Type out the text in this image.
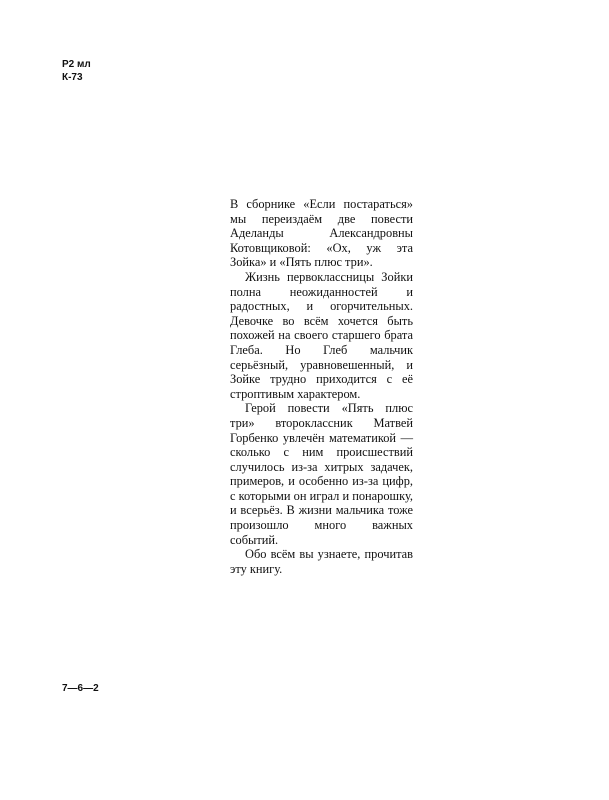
Р2 мл
К-73

В сборнике «Если постараться» мы переиздаём две повести Аделанды Александровны Котовщиковой: «Ох, уж эта Зойка» и «Пять плюс три».

Жизнь первоклассницы Зойки полна неожиданностей и радостных, и огорчительных. Девочке во всём хочется быть похожей на своего старшего брата Глеба. Но Глеб мальчик серьёзный, уравновешенный, и Зойке трудно приходится с её строптивым характером.

Герой повести «Пять плюс три» второклассник Матвей Горбенко увлечён математикой — сколько с ним происшествий случилось из-за хитрых задачек, примеров, и особенно из-за цифр, с которыми он играл и понарошку, и всерьёз. В жизни мальчика тоже произошло много важных событий.

Обо всём вы узнаете, прочитав эту книгу.

7—6—2
